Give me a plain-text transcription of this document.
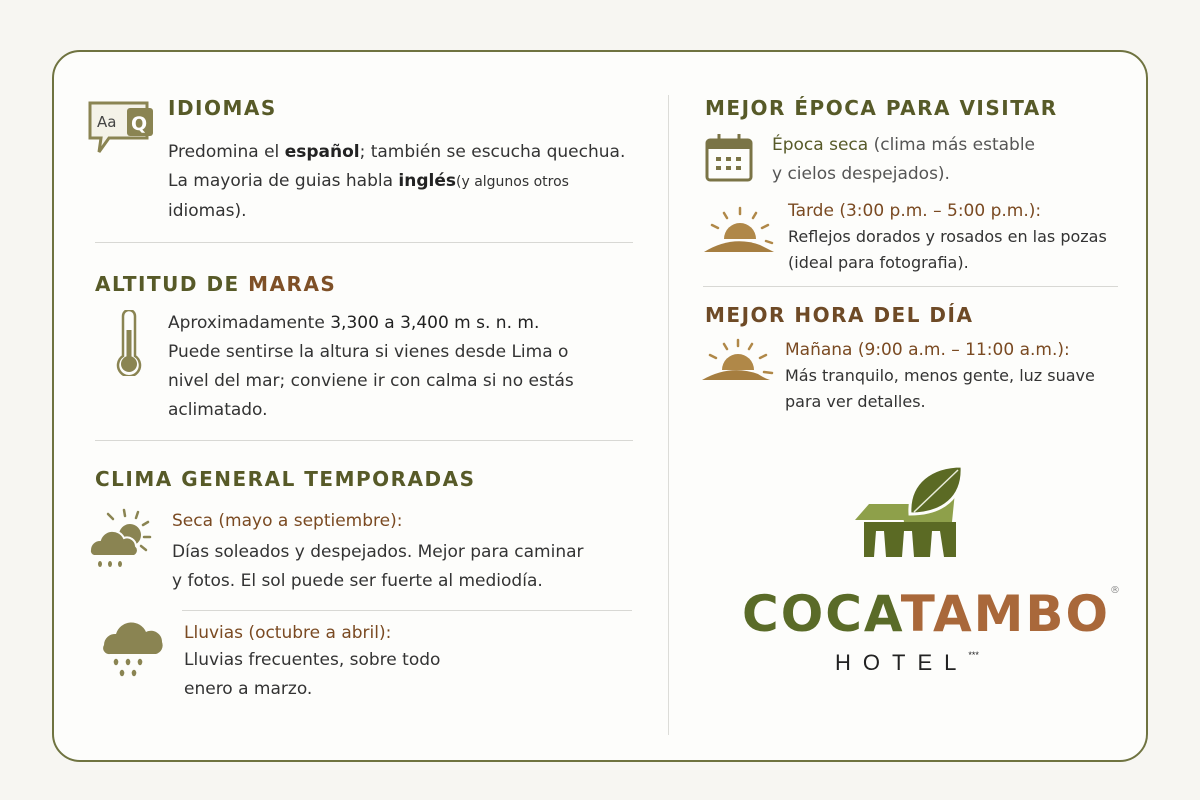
Aa Q
IDIOMAS
Predomina el español; también se escucha quechua.
La mayoria de guias habla inglés(y algunos otros
idiomas).
ALTITUD DE MARAS
Aproximadamente 3,300 a 3,400 m s. n. m.
Puede sentirse la altura si vienes desde Lima o
nivel del mar; conviene ir con calma si no estás
aclimatado.
CLIMA GENERAL TEMPORADAS
Seca (mayo a septiembre):
Días soleados y despejados. Mejor para caminar
y fotos. El sol puede ser fuerte al mediodía.
Lluvias (octubre a abril):
Lluvias frecuentes, sobre todo
enero a marzo.
MEJOR ÉPOCA PARA VISITAR
Época seca (clima más estable
y cielos despejados).
Tarde (3:00 p.m. – 5:00 p.m.):
Reflejos dorados y rosados en las pozas
(ideal para fotografia).
MEJOR HORA DEL DÍA
Mañana (9:00 a.m. – 11:00 a.m.):
Más tranquilo, menos gente, luz suave
para ver detalles.
COCATAMBO®
HOTEL***
